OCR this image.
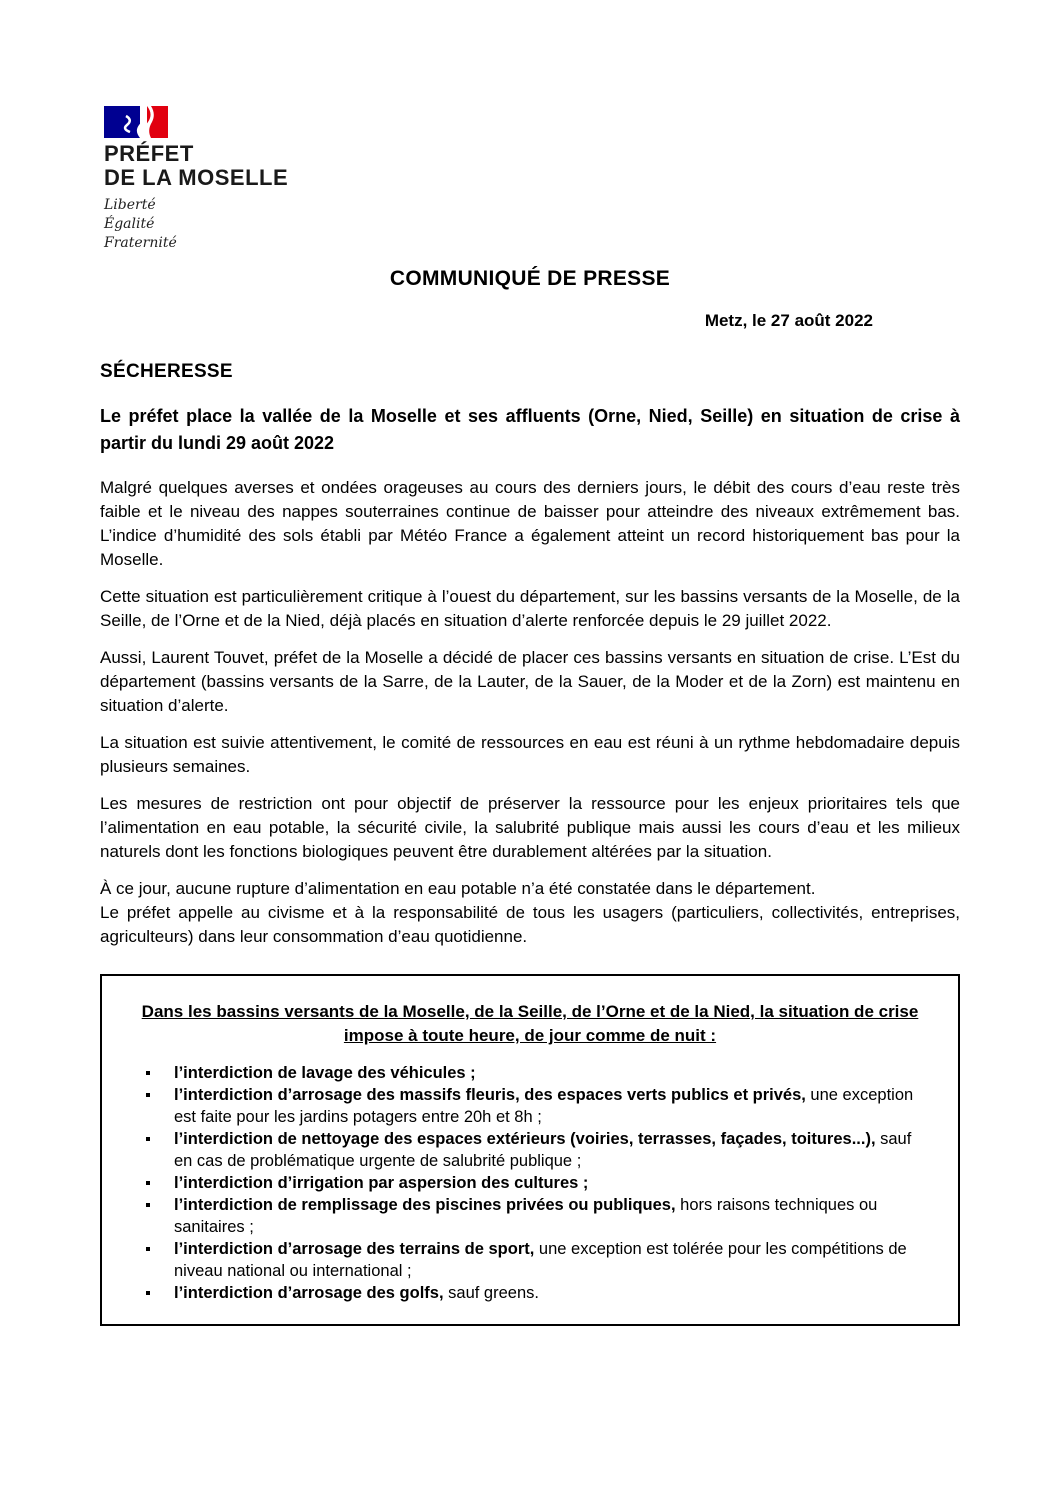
PRÉFET
DE LA MOSELLE
Liberté
Égalité
Fraternité
COMMUNIQUÉ DE PRESSE
Metz, le 27 août 2022
SÉCHERESSE
Le préfet place la vallée de la Moselle et ses affluents (Orne, Nied, Seille) en situation de crise à partir du lundi 29 août 2022

Malgré quelques averses et ondées orageuses au cours des derniers jours, le débit des cours d’eau reste très faible et le niveau des nappes souterraines continue de baisser pour atteindre des niveaux extrêmement bas. L’indice d’humidité des sols établi par Météo France a également atteint un record historiquement bas pour la Moselle.

Cette situation est particulièrement critique à l’ouest du département, sur les bassins versants de la Moselle, de la Seille, de l’Orne et de la Nied, déjà placés en situation d’alerte renforcée depuis le 29 juillet 2022.

Aussi, Laurent Touvet, préfet de la Moselle a décidé de placer ces bassins versants en situation de crise. L’Est du département (bassins versants de la Sarre, de la Lauter, de la Sauer, de la Moder et de la Zorn) est maintenu en situation d’alerte.

La situation est suivie attentivement, le comité de ressources en eau est réuni à un rythme hebdomadaire depuis plusieurs semaines.

Les mesures de restriction ont pour objectif de préserver la ressource pour les enjeux prioritaires tels que l’alimentation en eau potable, la sécurité civile, la salubrité publique mais aussi les cours d’eau et les milieux naturels dont les fonctions biologiques peuvent être durablement altérées par la situation.

À ce jour, aucune rupture d’alimentation en eau potable n’a été constatée dans le département.

Le préfet appelle au civisme et à la responsabilité de tous les usagers (particuliers, collectivités, entreprises, agriculteurs) dans leur consommation d’eau quotidienne.

Dans les bassins versants de la Moselle, de la Seille, de l’Orne et de la Nied, la situation de crise
impose à toute heure, de jour comme de nuit :
l’interdiction de lavage des véhicules ;
l’interdiction d’arrosage des massifs fleuris, des espaces verts publics et privés, une exception est faite pour les jardins potagers entre 20h et 8h ;
l’interdiction de nettoyage des espaces extérieurs (voiries, terrasses, façades, toitures...), sauf en cas de problématique urgente de salubrité publique ;
l’interdiction d’irrigation par aspersion des cultures ;
l’interdiction de remplissage des piscines privées ou publiques, hors raisons techniques ou sanitaires ;
l’interdiction d’arrosage des terrains de sport, une exception est tolérée pour les compétitions de niveau national ou international ;
l’interdiction d’arrosage des golfs, sauf greens.
